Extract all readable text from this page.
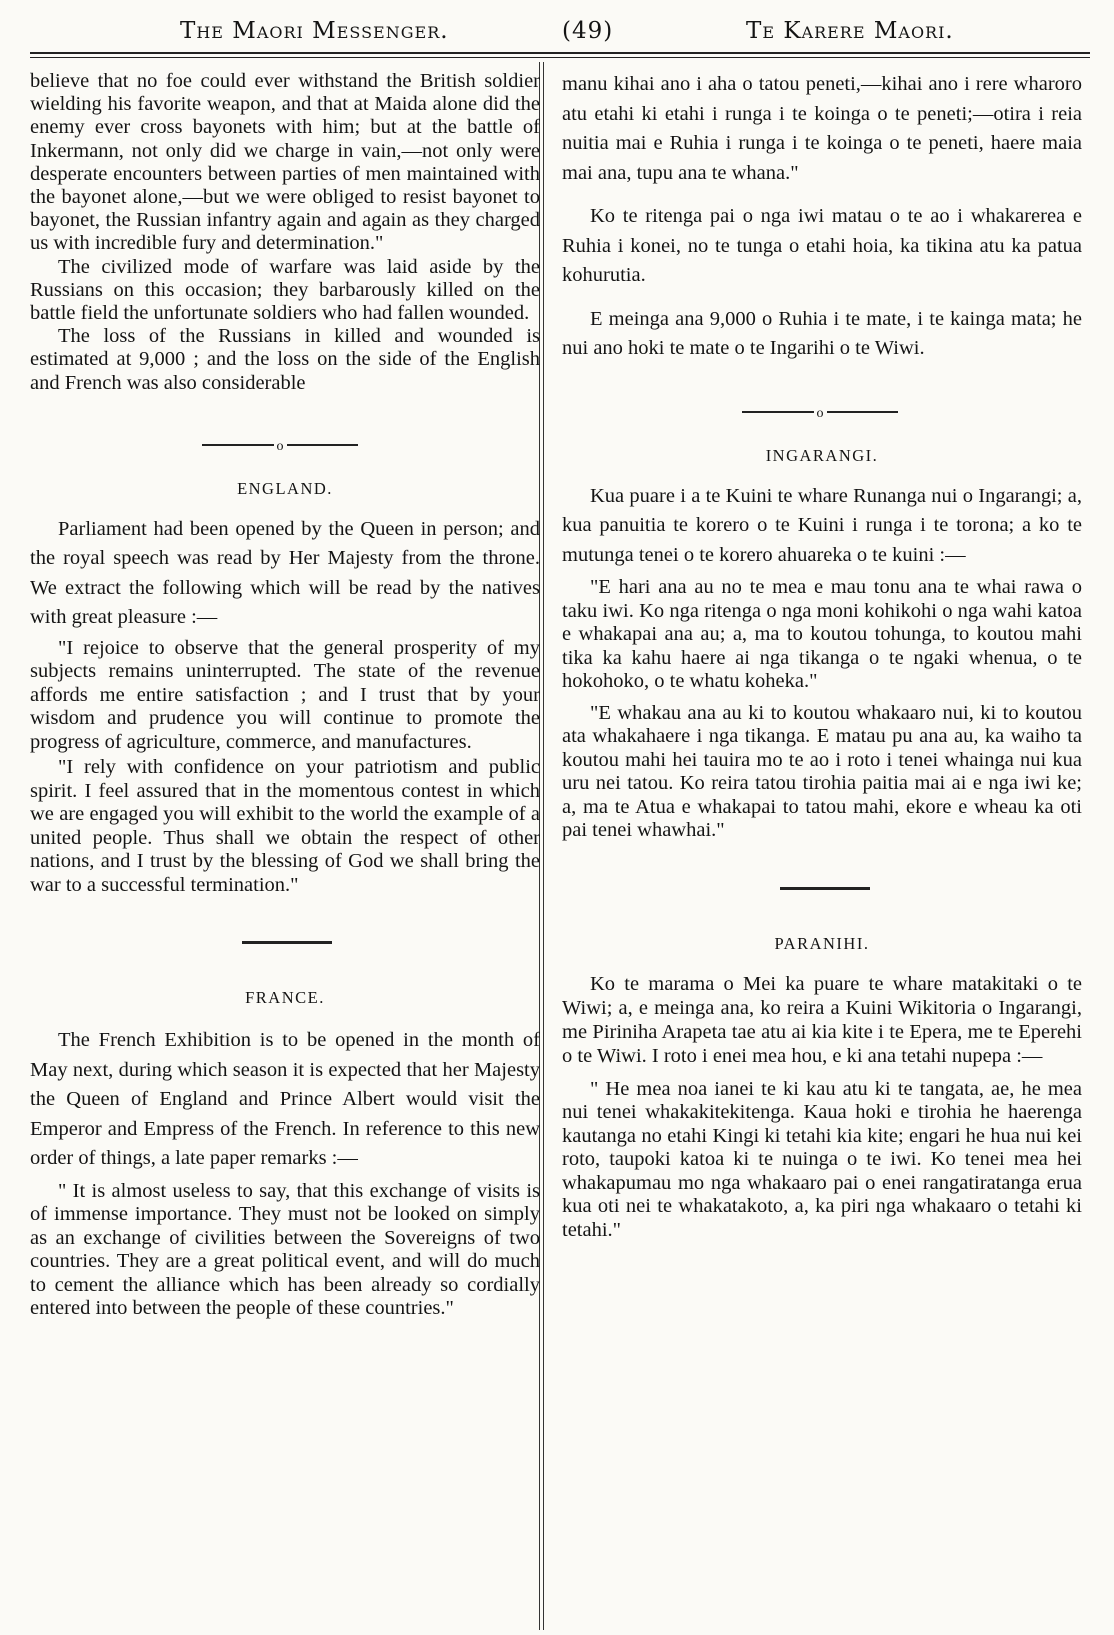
The Maori Messenger.	(49)	Te Karere Maori.

believe that no foe could ever withstand the British soldier wielding his favorite weapon, and that at Maida alone did the enemy ever cross bayonets with him; but at the battle of Inkermann, not only did we charge in vain,—not only were desperate encounters between parties of men maintained with the bayonet alone,—but we were obliged to resist bayonet to bayonet, the Russian infantry again and again as they charged us with incredible fury and determination."

The civilized mode of warfare was laid aside by the Russians on this occasion; they barbarously killed on the battle field the unfortunate soldiers who had fallen wounded.

The loss of the Russians in killed and wounded is estimated at 9,000 ; and the loss on the side of the English and French was also considerable

o

ENGLAND.

Parliament had been opened by the Queen in person; and the royal speech was read by Her Majesty from the throne. We extract the following which will be read by the natives with great pleasure :—

"I rejoice to observe that the general prosperity of my subjects remains uninterrupted. The state of the revenue affords me entire satisfaction ; and I trust that by your wisdom and prudence you will continue to promote the progress of agriculture, commerce, and manufactures.

"I rely with confidence on your patriotism and public spirit. I feel assured that in the momentous contest in which we are engaged you will exhibit to the world the example of a united people. Thus shall we obtain the respect of other nations, and I trust by the blessing of God we shall bring the war to a successful termination."

FRANCE.

The French Exhibition is to be opened in the month of May next, during which season it is expected that her Majesty the Queen of England and Prince Albert would visit the Emperor and Empress of the French. In reference to this new order of things, a late paper remarks :—

" It is almost useless to say, that this exchange of visits is of immense importance. They must not be looked on simply as an exchange of civilities between the Sovereigns of two countries. They are a great political event, and will do much to cement the alliance which has been already so cordially entered into between the people of these countries."

manu kihai ano i aha o tatou peneti,—kihai ano i rere wharoro atu etahi ki etahi i runga i te koinga o te peneti;—otira i reia nuitia mai e Ruhia i runga i te koinga o te peneti, haere maia mai ana, tupu ana te whana."

Ko te ritenga pai o nga iwi matau o te ao i whakarerea e Ruhia i konei, no te tunga o etahi hoia, ka tikina atu ka patua kohurutia.

E meinga ana 9,000 o Ruhia i te mate, i te kainga mata; he nui ano hoki te mate o te Ingarihi o te Wiwi.

o

INGARANGI.

Kua puare i a te Kuini te whare Runanga nui o Ingarangi; a, kua panuitia te korero o te Kuini i runga i te torona; a ko te mutunga tenei o te korero ahuareka o te kuini :—

"E hari ana au no te mea e mau tonu ana te whai rawa o taku iwi. Ko nga ritenga o nga moni kohikohi o nga wahi katoa e whakapai ana au; a, ma to koutou tohunga, to koutou mahi tika ka kahu haere ai nga tikanga o te ngaki whenua, o te hokohoko, o te whatu koheka."

"E whakau ana au ki to koutou whakaaro nui, ki to koutou ata whakahaere i nga tikanga. E matau pu ana au, ka waiho ta koutou mahi hei tauira mo te ao i roto i tenei whainga nui kua uru nei tatou. Ko reira tatou tirohia paitia mai ai e nga iwi ke; a, ma te Atua e whakapai to tatou mahi, ekore e wheau ka oti pai tenei whawhai."

PARANIHI.

Ko te marama o Mei ka puare te whare matakitaki o te Wiwi; a, e meinga ana, ko reira a Kuini Wikitoria o Ingarangi, me Piriniha Arapeta tae atu ai kia kite i te Epera, me te Eperehi o te Wiwi. I roto i enei mea hou, e ki ana tetahi nupepa :—

" He mea noa ianei te ki kau atu ki te tangata, ae, he mea nui tenei whakakitekitenga. Kaua hoki e tirohia he haerenga kautanga no etahi Kingi ki tetahi kia kite; engari he hua nui kei roto, taupoki katoa ki te nuinga o te iwi. Ko tenei mea hei whakapumau mo nga whakaaro pai o enei rangatiratanga erua kua oti nei te whakatakoto, a, ka piri nga whakaaro o tetahi ki tetahi."
